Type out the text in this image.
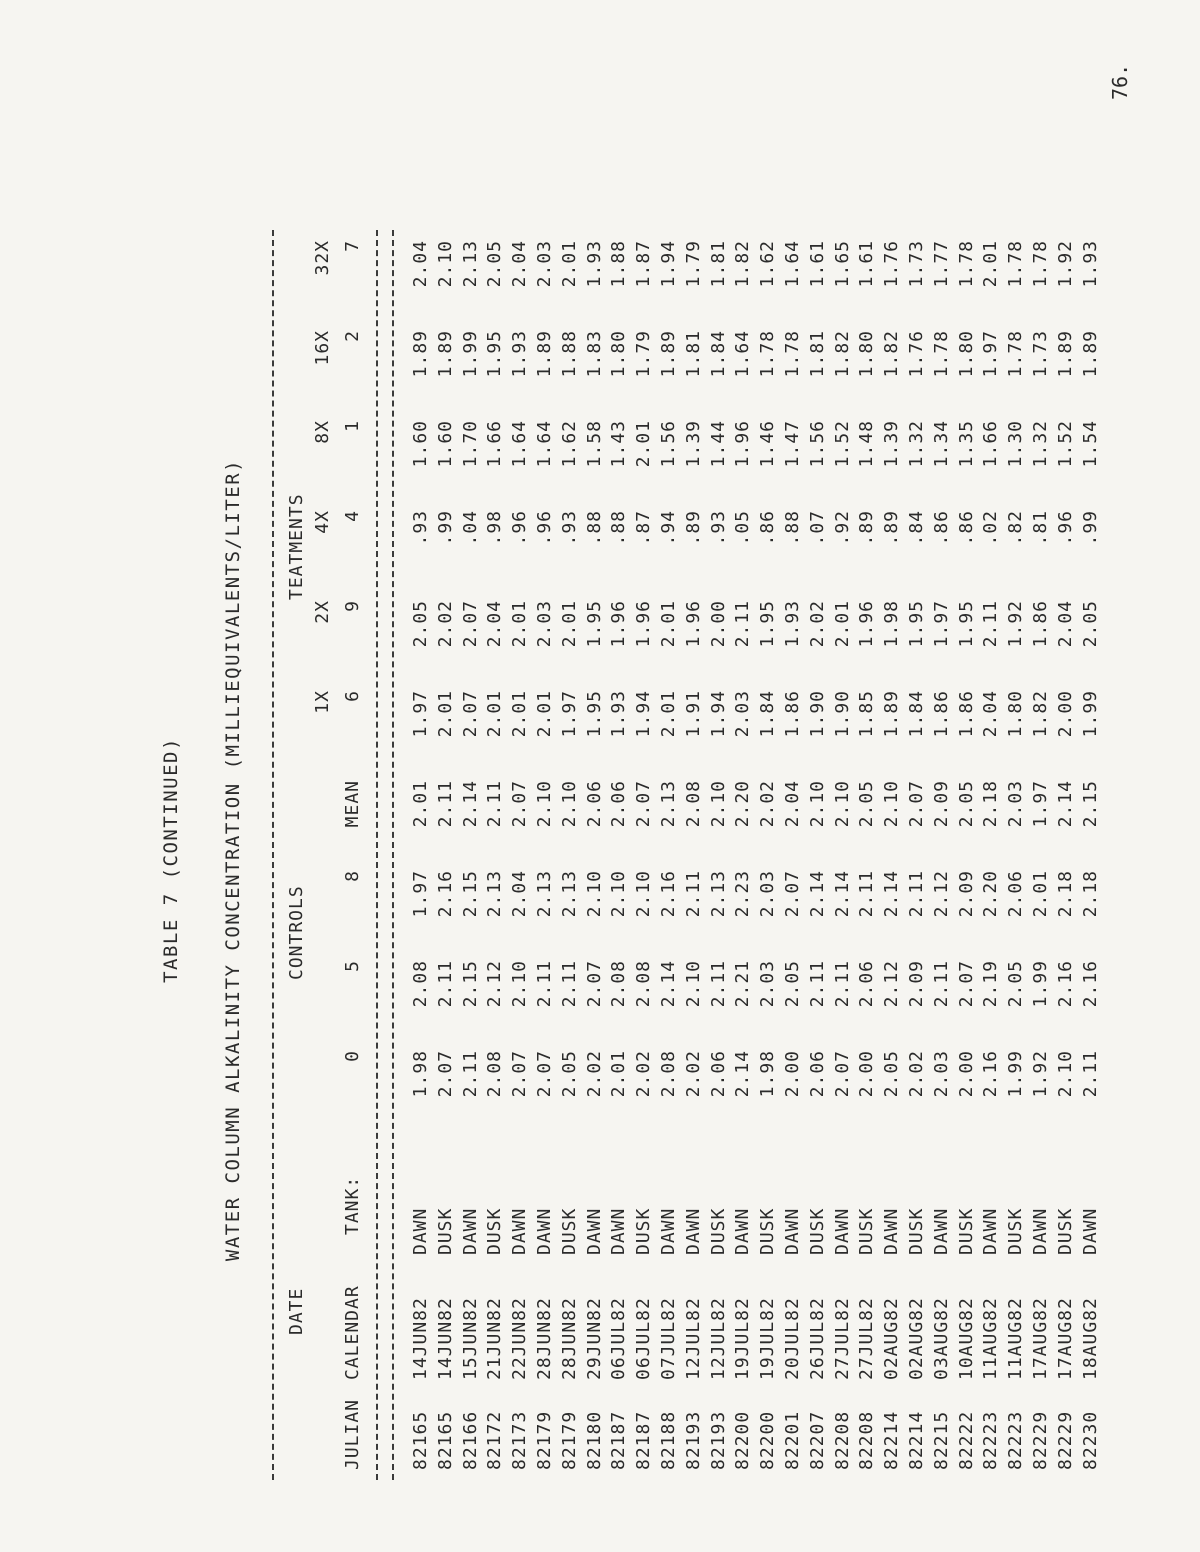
76.
TABLE 7 (CONTINUED) WATER COLUMN ALKALINITY CONCENTRATION (MILLIEQUIVALENTS/LITER)
82165
14JUN82
DAWN
1.98
2.08
1.97
2.01
1.97
2.05
.93
1.60
1.89
2.04
82165
14JUN82
DUSK
2.07
2.11
2.16
2.11
2.01
2.02
.99
1.60
1.89
2.10
82166
15JUN82
DAWN
2.11
2.15
2.15
2.14
2.07
2.07
.04
1.70
1.99
2.13
82172
21JUN82
DUSK
2.08
2.12
2.13
2.11
2.01
2.04
.98
1.66
1.95
2.05
82173
22JUN82
DAWN
2.07
2.10
2.04
2.07
2.01
2.01
.96
1.64
1.93
2.04
82179
28JUN82
DAWN
2.07
2.11
2.13
2.10
2.01
2.03
.96
1.64
1.89
2.03
82179
28JUN82
DUSK
2.05
2.11
2.13
2.10
1.97
2.01
.93
1.62
1.88
2.01
82180
29JUN82
DAWN
2.02
2.07
2.10
2.06
1.95
1.95
.88
1.58
1.83
1.93
82187
06JUL82
DAWN
2.01
2.08
2.10
2.06
1.93
1.96
.88
1.43
1.80
1.88
82187
06JUL82
DUSK
2.02
2.08
2.10
2.07
1.94
1.96
.87
2.01
1.79
1.87
82188
07JUL82
DAWN
2.08
2.14
2.16
2.13
2.01
2.01
.94
1.56
1.89
1.94
82193
12JUL82
DAWN
2.02
2.10
2.11
2.08
1.91
1.96
.89
1.39
1.81
1.79
82193
12JUL82
DUSK
2.06
2.11
2.13
2.10
1.94
2.00
.93
1.44
1.84
1.81
82200
19JUL82
DAWN
2.14
2.21
2.23
2.20
2.03
2.11
.05
1.96
1.64
1.82
82200
19JUL82
DUSK
1.98
2.03
2.03
2.02
1.84
1.95
.86
1.46
1.78
1.62
82201
20JUL82
DAWN
2.00
2.05
2.07
2.04
1.86
1.93
.88
1.47
1.78
1.64
82207
26JUL82
DUSK
2.06
2.11
2.14
2.10
1.90
2.02
.07
1.56
1.81
1.61
82208
27JUL82
DAWN
2.07
2.11
2.14
2.10
1.90
2.01
.92
1.52
1.82
1.65
82208
27JUL82
DUSK
2.00
2.06
2.11
2.05
1.85
1.96
.89
1.48
1.80
1.61
82214
02AUG82
DAWN
2.05
2.12
2.14
2.10
1.89
1.98
.89
1.39
1.82
1.76
82214
02AUG82
DUSK
2.02
2.09
2.11
2.07
1.84
1.95
.84
1.32
1.76
1.73
82215
03AUG82
DAWN
2.03
2.11
2.12
2.09
1.86
1.97
.86
1.34
1.78
1.77
82222
10AUG82
DUSK
2.00
2.07
2.09
2.05
1.86
1.95
.86
1.35
1.80
1.78
82223
11AUG82
DAWN
2.16
2.19
2.20
2.18
2.04
2.11
.02
1.66
1.97
2.01
82223
11AUG82
DUSK
1.99
2.05
2.06
2.03
1.80
1.92
.82
1.30
1.78
1.78
82229
17AUG82
DAWN
1.92
1.99
2.01
1.97
1.82
1.86
.81
1.32
1.73
1.78
82229
17AUG82
DUSK
2.10
2.16
2.18
2.14
2.00
2.04
.96
1.52
1.89
1.92
82230
18AUG82
DAWN
2.11
2.16
2.18
2.15
1.99
2.05
.99
1.54
1.89
1.93
DATE
CONTROLS
TEATMENTS
1X
2X
4X
8X
16X
32X
JULIAN
CALENDAR
TANK:
0
5
8
MEAN
6
9
4
1
2
7
